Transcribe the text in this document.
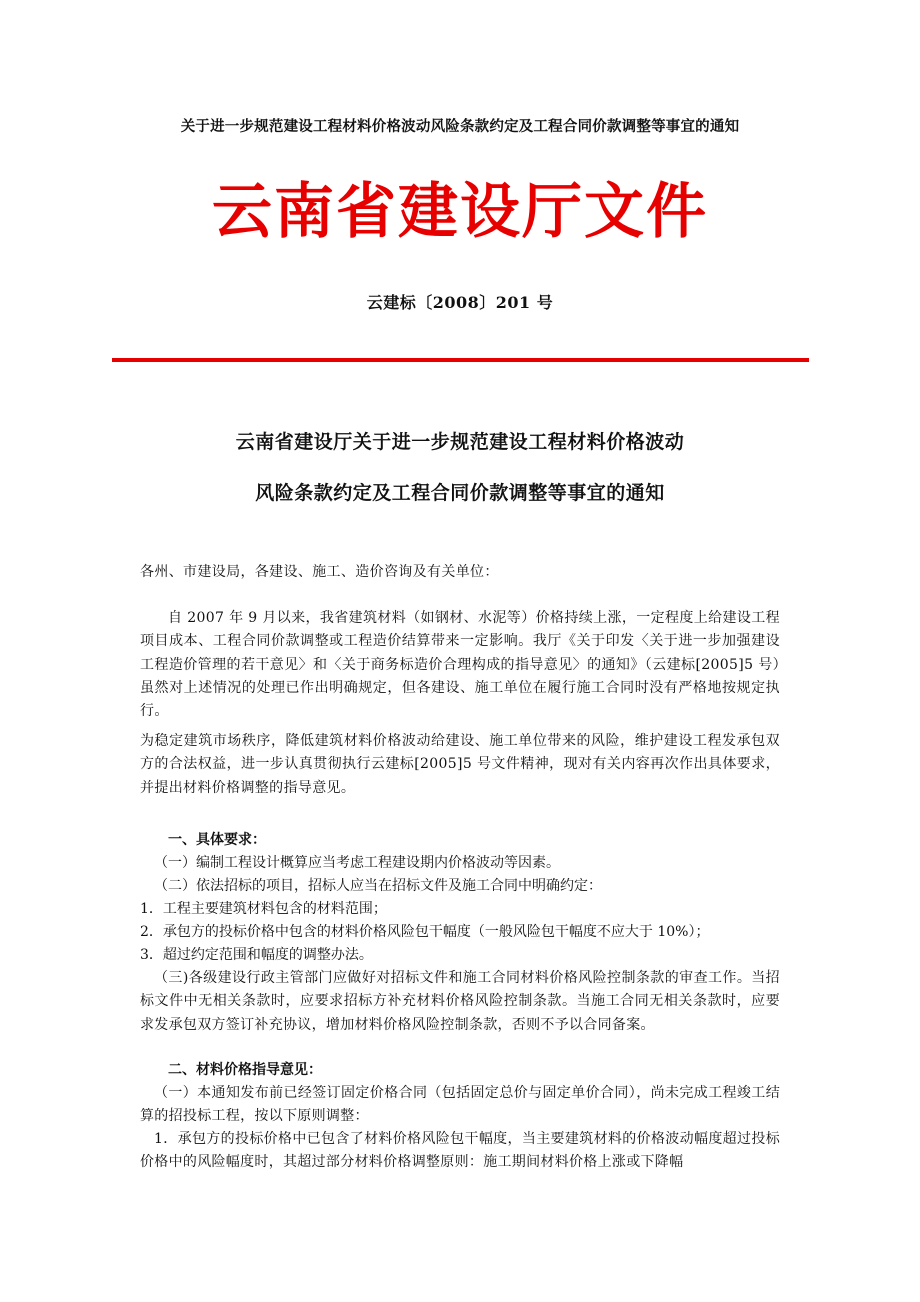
关于进一步规范建设工程材料价格波动风险条款约定及工程合同价款调整等事宜的通知
云南省建设厅文件
云建标〔2008〕201 号
云南省建设厅关于进一步规范建设工程材料价格波动
风险条款约定及工程合同价款调整等事宜的通知
各州、市建设局，各建设、施工、造价咨询及有关单位：
自 2007 年 9 月以来，我省建筑材料（如钢材、水泥等）价格持续上涨，一定程度上给建设工程项目成本、工程合同价款调整或工程造价结算带来一定影响。我厅《关于印发〈关于进一步加强建设工程造价管理的若干意见〉和〈关于商务标造价合理构成的指导意见〉的通知》（云建标[2005]5 号）虽然对上述情况的处理已作出明确规定，但各建设、施工单位在履行施工合同时没有严格地按规定执行。
为稳定建筑市场秩序，降低建筑材料价格波动给建设、施工单位带来的风险，维护建设工程发承包双方的合法权益，进一步认真贯彻执行云建标[2005]5 号文件精神，现对有关内容再次作出具体要求，并提出材料价格调整的指导意见。
一、具体要求：
（一）编制工程设计概算应当考虑工程建设期内价格波动等因素。
（二）依法招标的项目，招标人应当在招标文件及施工合同中明确约定：
1．工程主要建筑材料包含的材料范围；
2．承包方的投标价格中包含的材料价格风险包干幅度（一般风险包干幅度不应大于 10%）；
3．超过约定范围和幅度的调整办法。
（三)各级建设行政主管部门应做好对招标文件和施工合同材料价格风险控制条款的审查工作。当招标文件中无相关条款时，应要求招标方补充材料价格风险控制条款。当施工合同无相关条款时，应要求发承包双方签订补充协议，增加材料价格风险控制条款，否则不予以合同备案。
二、材料价格指导意见：
（一）本通知发布前已经签订固定价格合同（包括固定总价与固定单价合同），尚未完成工程竣工结算的招投标工程，按以下原则调整：
1．承包方的投标价格中已包含了材料价格风险包干幅度，当主要建筑材料的价格波动幅度超过投标价格中的风险幅度时，其超过部分材料价格调整原则：施工期间材料价格上涨或下降幅
